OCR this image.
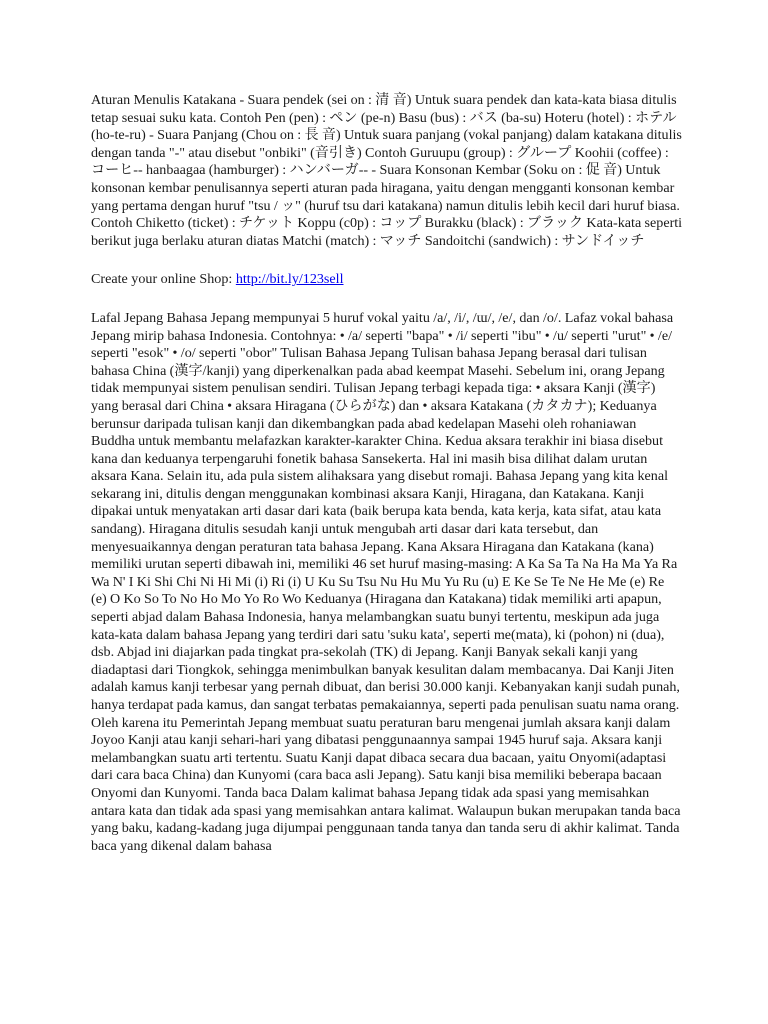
Aturan Menulis Katakana - Suara pendek (sei on : 清 音) Untuk suara pendek dan kata-kata biasa ditulis tetap sesuai suku kata. Contoh Pen (pen) : ペン (pe-n) Basu (bus) : バス (ba-su) Hoteru (hotel) : ホテル (ho-te-ru) - Suara Panjang (Chou on : 長 音) Untuk suara panjang (vokal panjang) dalam katakana ditulis dengan tanda "-" atau disebut "onbiki" (音引き) Contoh Guruupu (group) : グループ Koohii (coffee) : コーヒ-- hanbaagaa (hamburger) : ハンバーガ-- - Suara Konsonan Kembar (Soku on : 促 音) Untuk konsonan kembar penulisannya seperti aturan pada hiragana, yaitu dengan mengganti konsonan kembar yang pertama dengan huruf "tsu / ッ" (huruf tsu dari katakana) namun ditulis lebih kecil dari huruf biasa. Contoh Chiketto (ticket) : チケット Koppu (c0p) : コップ Burakku (black) : ブラック Kata-kata seperti berikut juga berlaku aturan diatas Matchi (match) : マッチ Sandoitchi (sandwich) : サンドイッチ

Create your online Shop: http://bit.ly/123sell

Lafal Jepang Bahasa Jepang mempunyai 5 huruf vokal yaitu /a/, /i/, /ɯ/, /e/, dan /o/. Lafaz vokal bahasa Jepang mirip bahasa Indonesia. Contohnya: • /a/ seperti "bapa" • /i/ seperti "ibu" • /u/ seperti "urut" • /e/ seperti "esok" • /o/ seperti "obor" Tulisan Bahasa Jepang Tulisan bahasa Jepang berasal dari tulisan bahasa China (漢字/kanji) yang diperkenalkan pada abad keempat Masehi. Sebelum ini, orang Jepang tidak mempunyai sistem penulisan sendiri. Tulisan Jepang terbagi kepada tiga: • aksara Kanji (漢字) yang berasal dari China • aksara Hiragana (ひらがな) dan • aksara Katakana (カタカナ); Keduanya berunsur daripada tulisan kanji dan dikembangkan pada abad kedelapan Masehi oleh rohaniawan Buddha untuk membantu melafazkan karakter-karakter China. Kedua aksara terakhir ini biasa disebut kana dan keduanya terpengaruhi fonetik bahasa Sansekerta. Hal ini masih bisa dilihat dalam urutan aksara Kana. Selain itu, ada pula sistem alihaksara yang disebut romaji. Bahasa Jepang yang kita kenal sekarang ini, ditulis dengan menggunakan kombinasi aksara Kanji, Hiragana, dan Katakana. Kanji dipakai untuk menyatakan arti dasar dari kata (baik berupa kata benda, kata kerja, kata sifat, atau kata sandang). Hiragana ditulis sesudah kanji untuk mengubah arti dasar dari kata tersebut, dan menyesuaikannya dengan peraturan tata bahasa Jepang. Kana Aksara Hiragana dan Katakana (kana) memiliki urutan seperti dibawah ini, memiliki 46 set huruf masing-masing: A Ka Sa Ta Na Ha Ma Ya Ra Wa N' I Ki Shi Chi Ni Hi Mi (i) Ri (i) U Ku Su Tsu Nu Hu Mu Yu Ru (u) E Ke Se Te Ne He Me (e) Re (e) O Ko So To No Ho Mo Yo Ro Wo Keduanya (Hiragana dan Katakana) tidak memiliki arti apapun, seperti abjad dalam Bahasa Indonesia, hanya melambangkan suatu bunyi tertentu, meskipun ada juga kata-kata dalam bahasa Jepang yang terdiri dari satu 'suku kata', seperti me(mata), ki (pohon) ni (dua), dsb. Abjad ini diajarkan pada tingkat pra-sekolah (TK) di Jepang. Kanji Banyak sekali kanji yang diadaptasi dari Tiongkok, sehingga menimbulkan banyak kesulitan dalam membacanya. Dai Kanji Jiten adalah kamus kanji terbesar yang pernah dibuat, dan berisi 30.000 kanji. Kebanyakan kanji sudah punah, hanya terdapat pada kamus, dan sangat terbatas pemakaiannya, seperti pada penulisan suatu nama orang. Oleh karena itu Pemerintah Jepang membuat suatu peraturan baru mengenai jumlah aksara kanji dalam Joyoo Kanji atau kanji sehari-hari yang dibatasi penggunaannya sampai 1945 huruf saja. Aksara kanji melambangkan suatu arti tertentu. Suatu Kanji dapat dibaca secara dua bacaan, yaitu Onyomi(adaptasi dari cara baca China) dan Kunyomi (cara baca asli Jepang). Satu kanji bisa memiliki beberapa bacaan Onyomi dan Kunyomi. Tanda baca Dalam kalimat bahasa Jepang tidak ada spasi yang memisahkan antara kata dan tidak ada spasi yang memisahkan antara kalimat. Walaupun bukan merupakan tanda baca yang baku, kadang-kadang juga dijumpai penggunaan tanda tanya dan tanda seru di akhir kalimat. Tanda baca yang dikenal dalam bahasa
